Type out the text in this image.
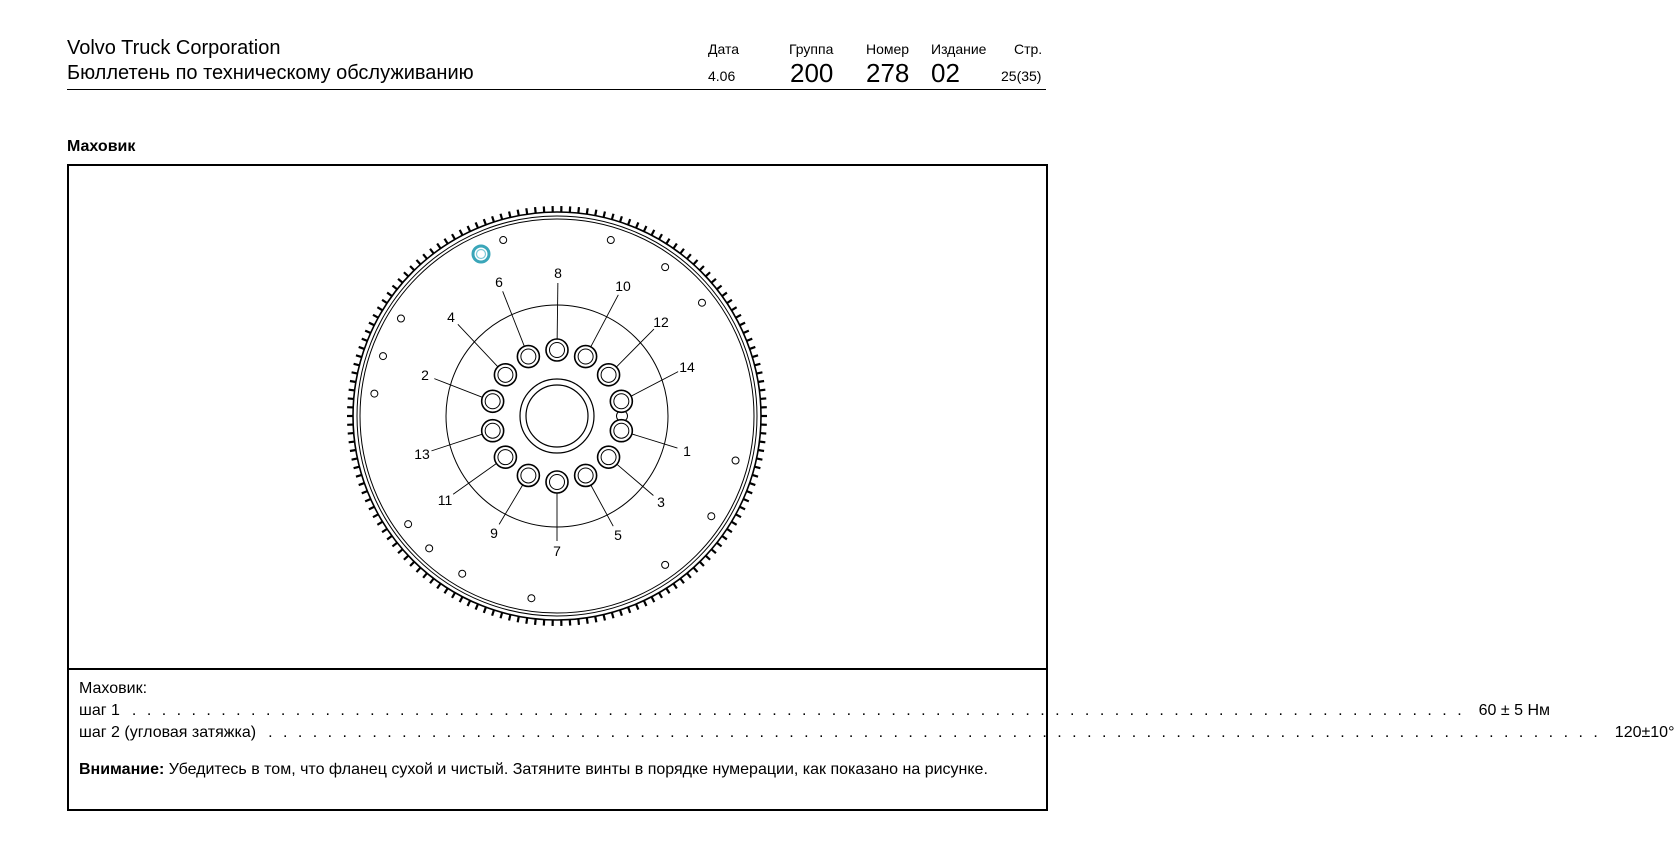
Volvo Truck Corporation
Бюллетень по техническому обслуживанию
Дата
4.06
Группа
200
Номер
278
Издание
02
Стр.
25(35)
Маховик
1
2
3
4
5
6
7
8
9
10
11
12
13
14
Маховик:
шаг 1 . . . . . . . . . . . . . . . . . . . . . . . . . . . . . . . . . . . . . . . . . . . . . . . . . . . . . . . . . . . . . . . . . . . . . . . . . . . . . . . . . . . . . . . . . . 60 ± 5 Нм
шаг 2 (угловая затяжка) . . . . . . . . . . . . . . . . . . . . . . . . . . . . . . . . . . . . . . . . . . . . . . . . . . . . . . . . . . . . . . . . . . . . . . . . . . . . . . . . . . . . . . . . . . 120±10°
Внимание: Убедитесь в том, что фланец сухой и чистый. Затяните винты в порядке нумерации, как показано на рисунке.
